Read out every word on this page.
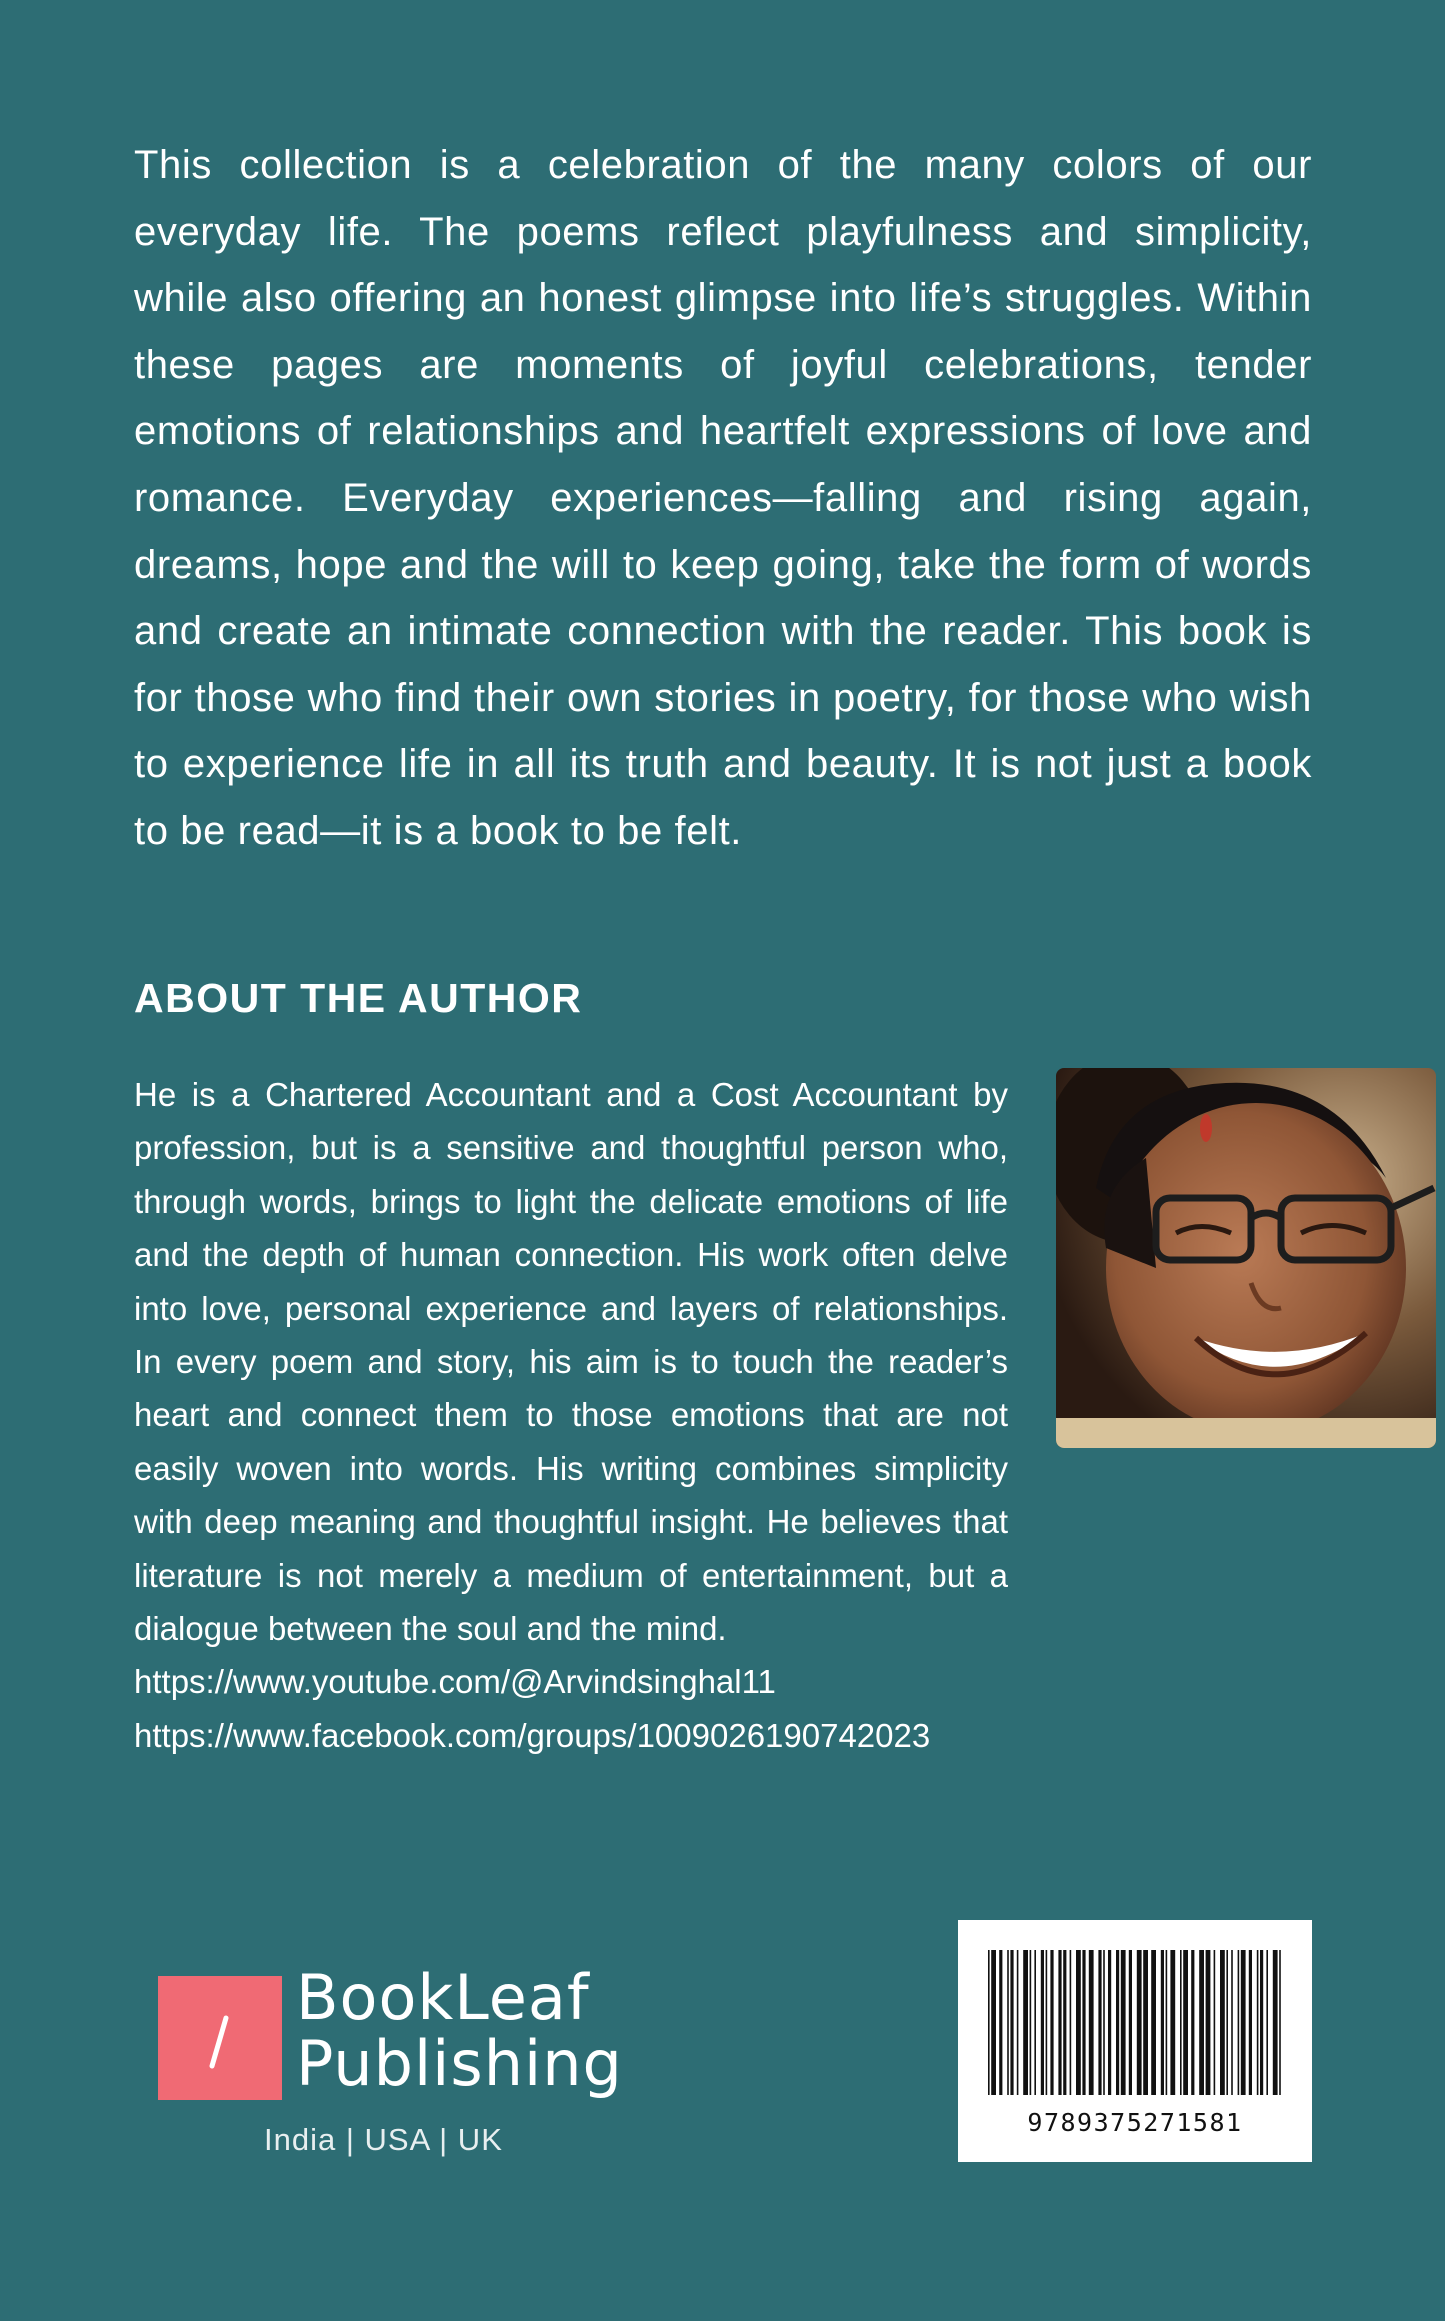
This collection is a celebration of the many colors of our everyday life. The poems reflect playfulness and simplicity, while also offering an honest glimpse into life’s struggles. Within these pages are moments of joyful celebrations, tender emotions of relationships and heartfelt expressions of love and romance. Everyday experiences—falling and rising again, dreams, hope and the will to keep going, take the form of words and create an intimate connection with the reader. This book is for those who find their own stories in poetry, for those who wish to experience life in all its truth and beauty. It is not just a book to be read—it is a book to be felt.

ABOUT THE AUTHOR
He is a Chartered Accountant and a Cost Accountant by profession, but is a sensitive and thoughtful person who, through words, brings to light the delicate emotions of life and the depth of human connection. His work often delve into love, personal experience and layers of relationships. In every poem and story, his aim is to touch the reader’s heart and connect them to those emotions that are not easily woven into words. His writing combines simplicity with deep meaning and thoughtful insight. He believes that literature is not merely a medium of entertainment, but a dialogue between the soul and the mind.
https://www.youtube.com/@Arvindsinghal11
https://www.facebook.com/groups/1009026190742023
BookLeaf
Publishing
India | USA | UK	9789375271581
